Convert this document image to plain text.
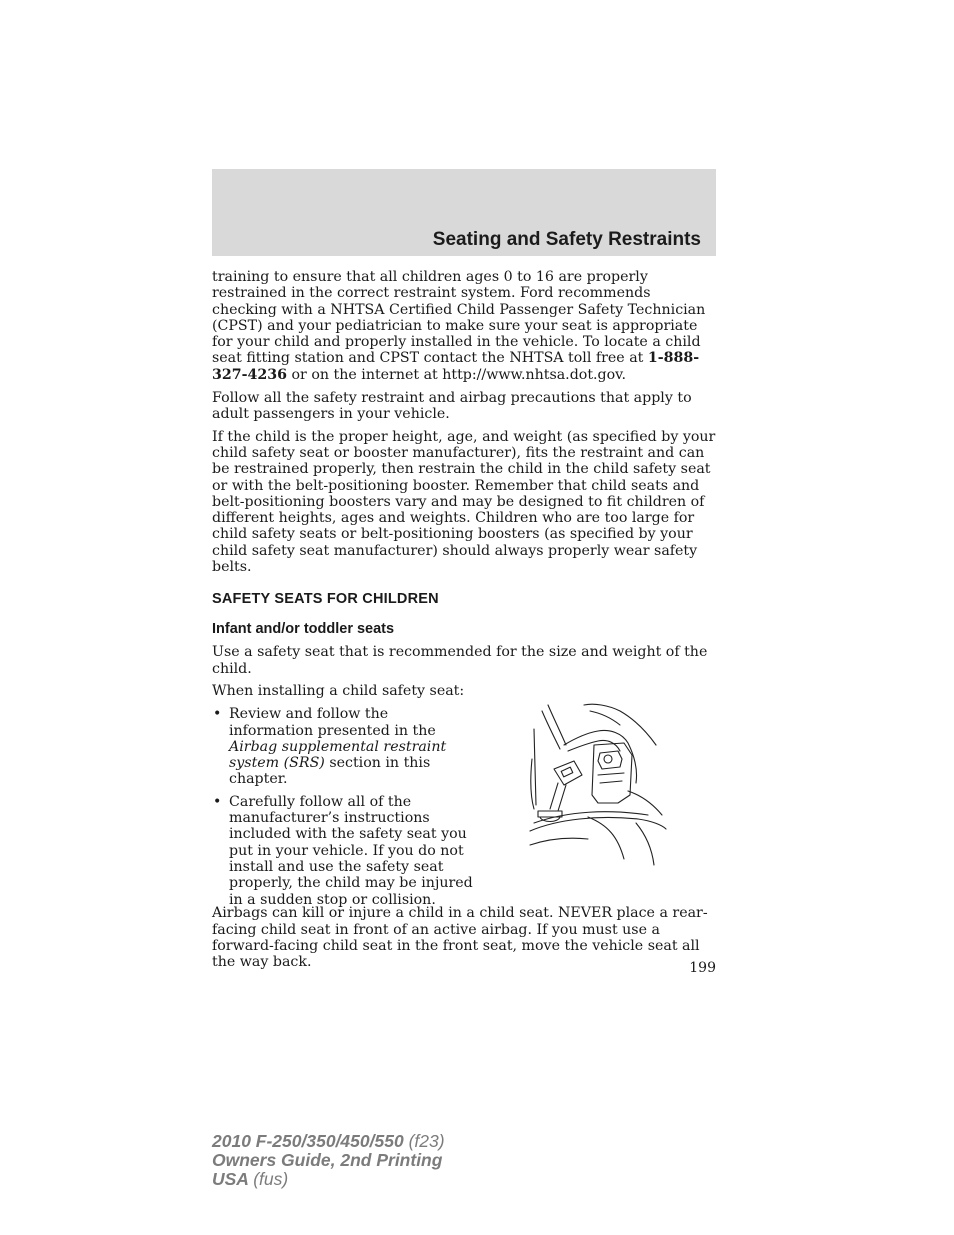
Seating and Safety Restraints

training to ensure that all children ages 0 to 16 are properly restrained in the correct restraint system. Ford recommends checking with a NHTSA Certified Child Passenger Safety Technician (CPST) and your pediatrician to make sure your seat is appropriate for your child and properly installed in the vehicle. To locate a child seat fitting station and CPST contact the NHTSA toll free at 1-888-327-4236 or on the internet at http://www.nhtsa.dot.gov.

Follow all the safety restraint and airbag precautions that apply to adult passengers in your vehicle.

If the child is the proper height, age, and weight (as specified by your child safety seat or booster manufacturer), fits the restraint and can be restrained properly, then restrain the child in the child safety seat or with the belt-positioning booster. Remember that child seats and belt-positioning boosters vary and may be designed to fit children of different heights, ages and weights. Children who are too large for child safety seats or belt-positioning boosters (as specified by your child safety seat manufacturer) should always properly wear safety belts.

SAFETY SEATS FOR CHILDREN
Infant and/or toddler seats

Use a safety seat that is recommended for the size and weight of the child.

When installing a child safety seat:

• Review and follow the information presented in the Airbag supplemental restraint system (SRS) section in this chapter.
• Carefully follow all of the manufacturer’s instructions included with the safety seat you put in your vehicle. If you do not install and use the safety seat properly, the child may be injured in a sudden stop or collision.

Airbags can kill or injure a child in a child seat. NEVER place a rear-facing child seat in front of an active airbag. If you must use a forward-facing child seat in the front seat, move the vehicle seat all the way back.	199
2010 F-250/350/450/550 (f23)
Owners Guide, 2nd Printing
USA (fus)
